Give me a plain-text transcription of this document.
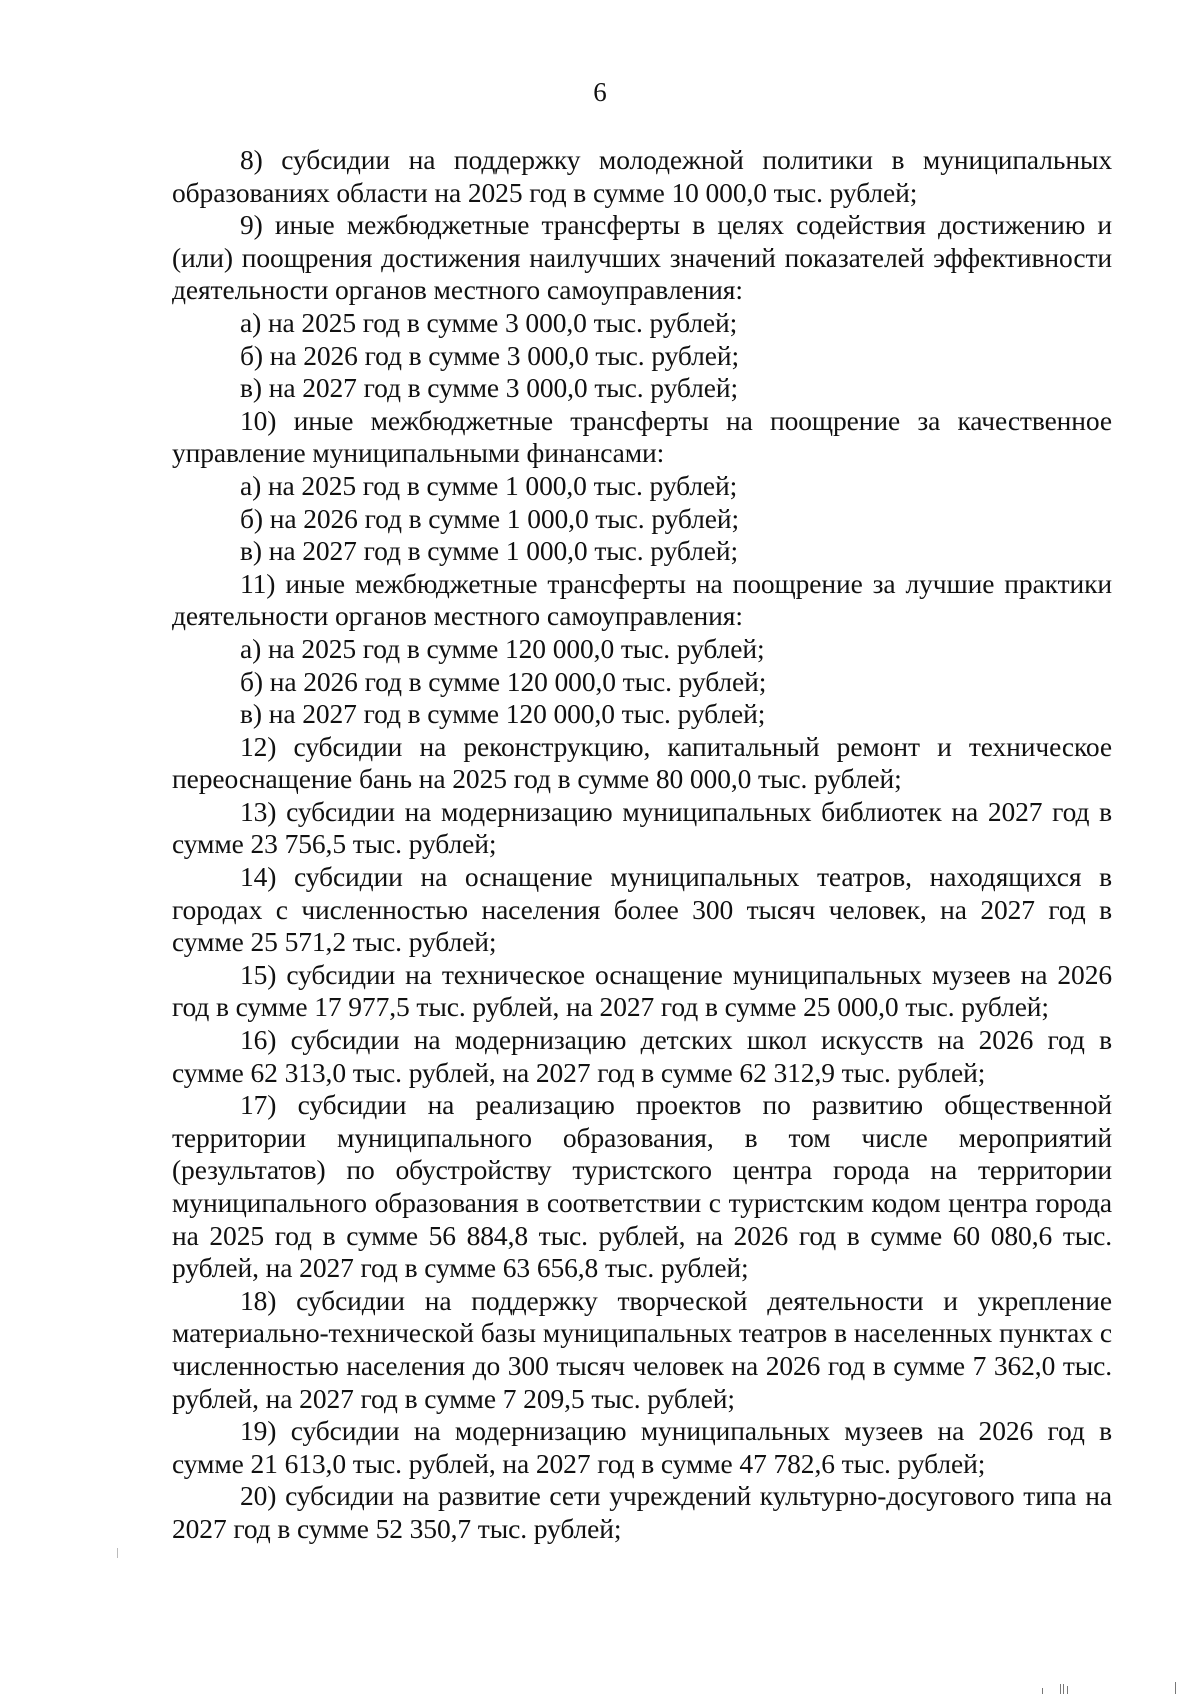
6

8) субсидии на поддержку молодежной политики в муниципальных образованиях области на 2025 год в сумме 10 000,0 тыс. рублей;

9) иные межбюджетные трансферты в целях содействия достижению и (или) поощрения достижения наилучших значений показателей эффективности деятельности органов местного самоуправления:

а) на 2025 год в сумме 3 000,0 тыс. рублей;

б) на 2026 год в сумме 3 000,0 тыс. рублей;

в) на 2027 год в сумме 3 000,0 тыс. рублей;

10) иные межбюджетные трансферты на поощрение за качественное управление муниципальными финансами:

а) на 2025 год в сумме 1 000,0 тыс. рублей;

б) на 2026 год в сумме 1 000,0 тыс. рублей;

в) на 2027 год в сумме 1 000,0 тыс. рублей;

11) иные межбюджетные трансферты на поощрение за лучшие практики деятельности органов местного самоуправления:

а) на 2025 год в сумме 120 000,0 тыс. рублей;

б) на 2026 год в сумме 120 000,0 тыс. рублей;

в) на 2027 год в сумме 120 000,0 тыс. рублей;

12) субсидии на реконструкцию, капитальный ремонт и техническое переоснащение бань на 2025 год в сумме 80 000,0 тыс. рублей;

13) субсидии на модернизацию муниципальных библиотек на 2027 год в сумме 23 756,5 тыс. рублей;

14) субсидии на оснащение муниципальных театров, находящихся в городах с численностью населения более 300 тысяч человек, на 2027 год в сумме 25 571,2 тыс. рублей;

15) субсидии на техническое оснащение муниципальных музеев на 2026 год в сумме 17 977,5 тыс. рублей, на 2027 год в сумме 25 000,0 тыс. рублей;

16) субсидии на модернизацию детских школ искусств на 2026 год в сумме 62 313,0 тыс. рублей, на 2027 год в сумме 62 312,9 тыс. рублей;

17) субсидии на реализацию проектов по развитию общественной территории муниципального образования, в том числе мероприятий (результатов) по обустройству туристского центра города на территории муниципального образования в соответствии с туристским кодом центра города на 2025 год в сумме 56 884,8 тыс. рублей, на 2026 год в сумме 60 080,6 тыс. рублей, на 2027 год в сумме 63 656,8 тыс. рублей;

18) субсидии на поддержку творческой деятельности и укрепление материально-технической базы муниципальных театров в населенных пунктах с численностью населения до 300 тысяч человек на 2026 год в сумме 7 362,0 тыс. рублей, на 2027 год в сумме 7 209,5 тыс. рублей;

19) субсидии на модернизацию муниципальных музеев на 2026 год в сумме 21 613,0 тыс. рублей, на 2027 год в сумме 47 782,6 тыс. рублей;

20) субсидии на развитие сети учреждений культурно-досугового типа на 2027 год в сумме 52 350,7 тыс. рублей;
